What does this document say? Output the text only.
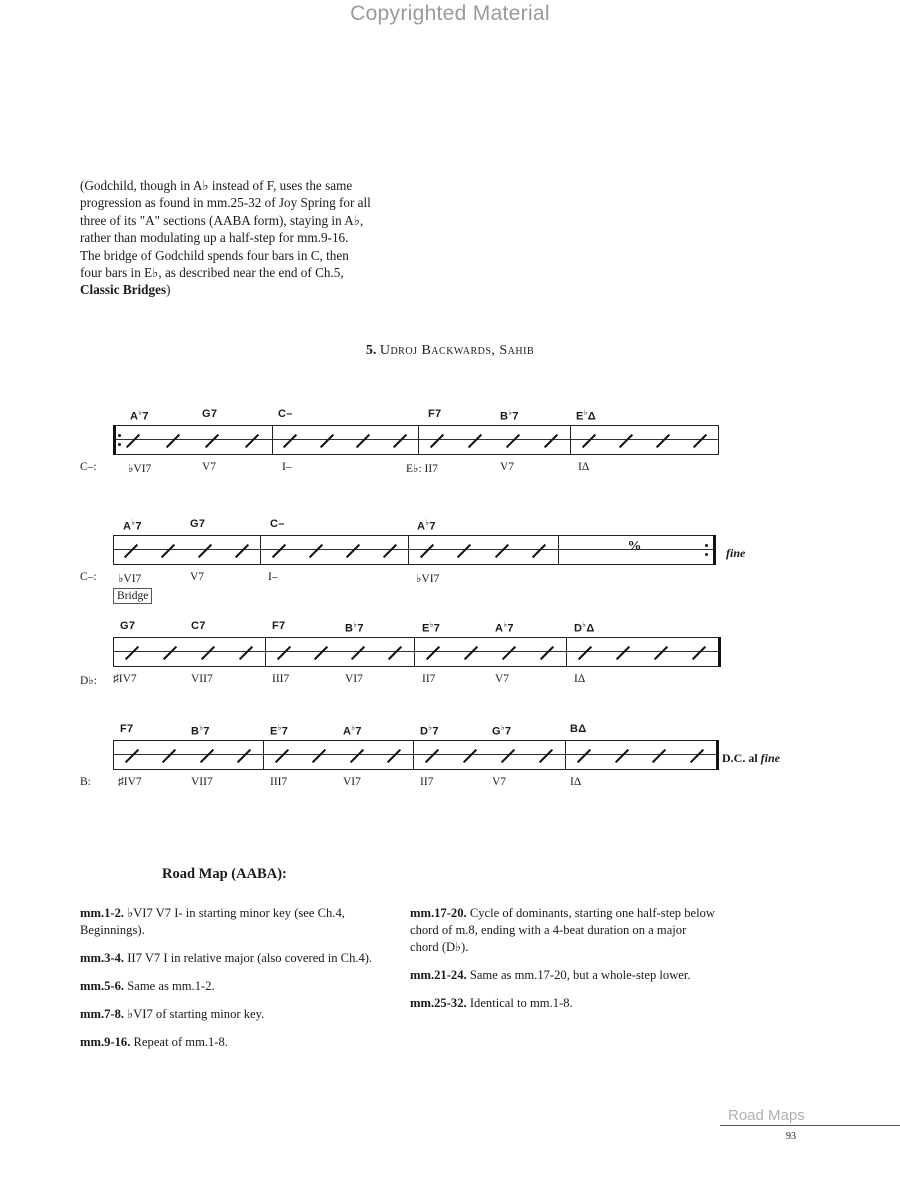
Copyrighted Material

(Godchild, though in A♭ instead of F, uses the same

progression as found in mm.25-32 of Joy Spring for all

three of its "A" sections (AABA form), staying in A♭,

rather than modulating up a half-step for mm.9-16.

The bridge of Godchild spends four bars in C, then

four bars in E♭, as described near the end of Ch.5,

Classic Bridges)

5. Udroj Backwards, Sahib
Bridge
A♭7	G7	C–	F7	B♭7	E♭Δ
C–:	♭VI7	V7	I–	E♭: II7	V7	IΔ
%
A♭7	G7	C–	A♭7
C–: ♭VI7	V7	I–	♭VI7
fine
G7	C7	F7	B♭7	E♭7	A♭7	D♭Δ
D♭: ♯IV7	VII7	III7	VI7	II7	V7	IΔ
F7	B♭7	E♭7	A♭7	D♭7	G♭7	BΔ
B: ♯IV7	VII7	III7	VI7	II7	V7	IΔ
D.C. al fine
Road Map (AABA):

mm.1-2. ♭VI7 V7 I- in starting minor key (see Ch.4, Beginnings).

mm.3-4. II7 V7 I in relative major (also covered in Ch.4).

mm.5-6. Same as mm.1-2.

mm.7-8. ♭VI7 of starting minor key.

mm.9-16. Repeat of mm.1-8.

mm.17-20. Cycle of dominants, starting one half-step below chord of m.8, ending with a 4-beat duration on a major chord (D♭).

mm.21-24. Same as mm.17-20, but a whole-step lower.

mm.25-32. Identical to mm.1-8.

Road Maps
93
